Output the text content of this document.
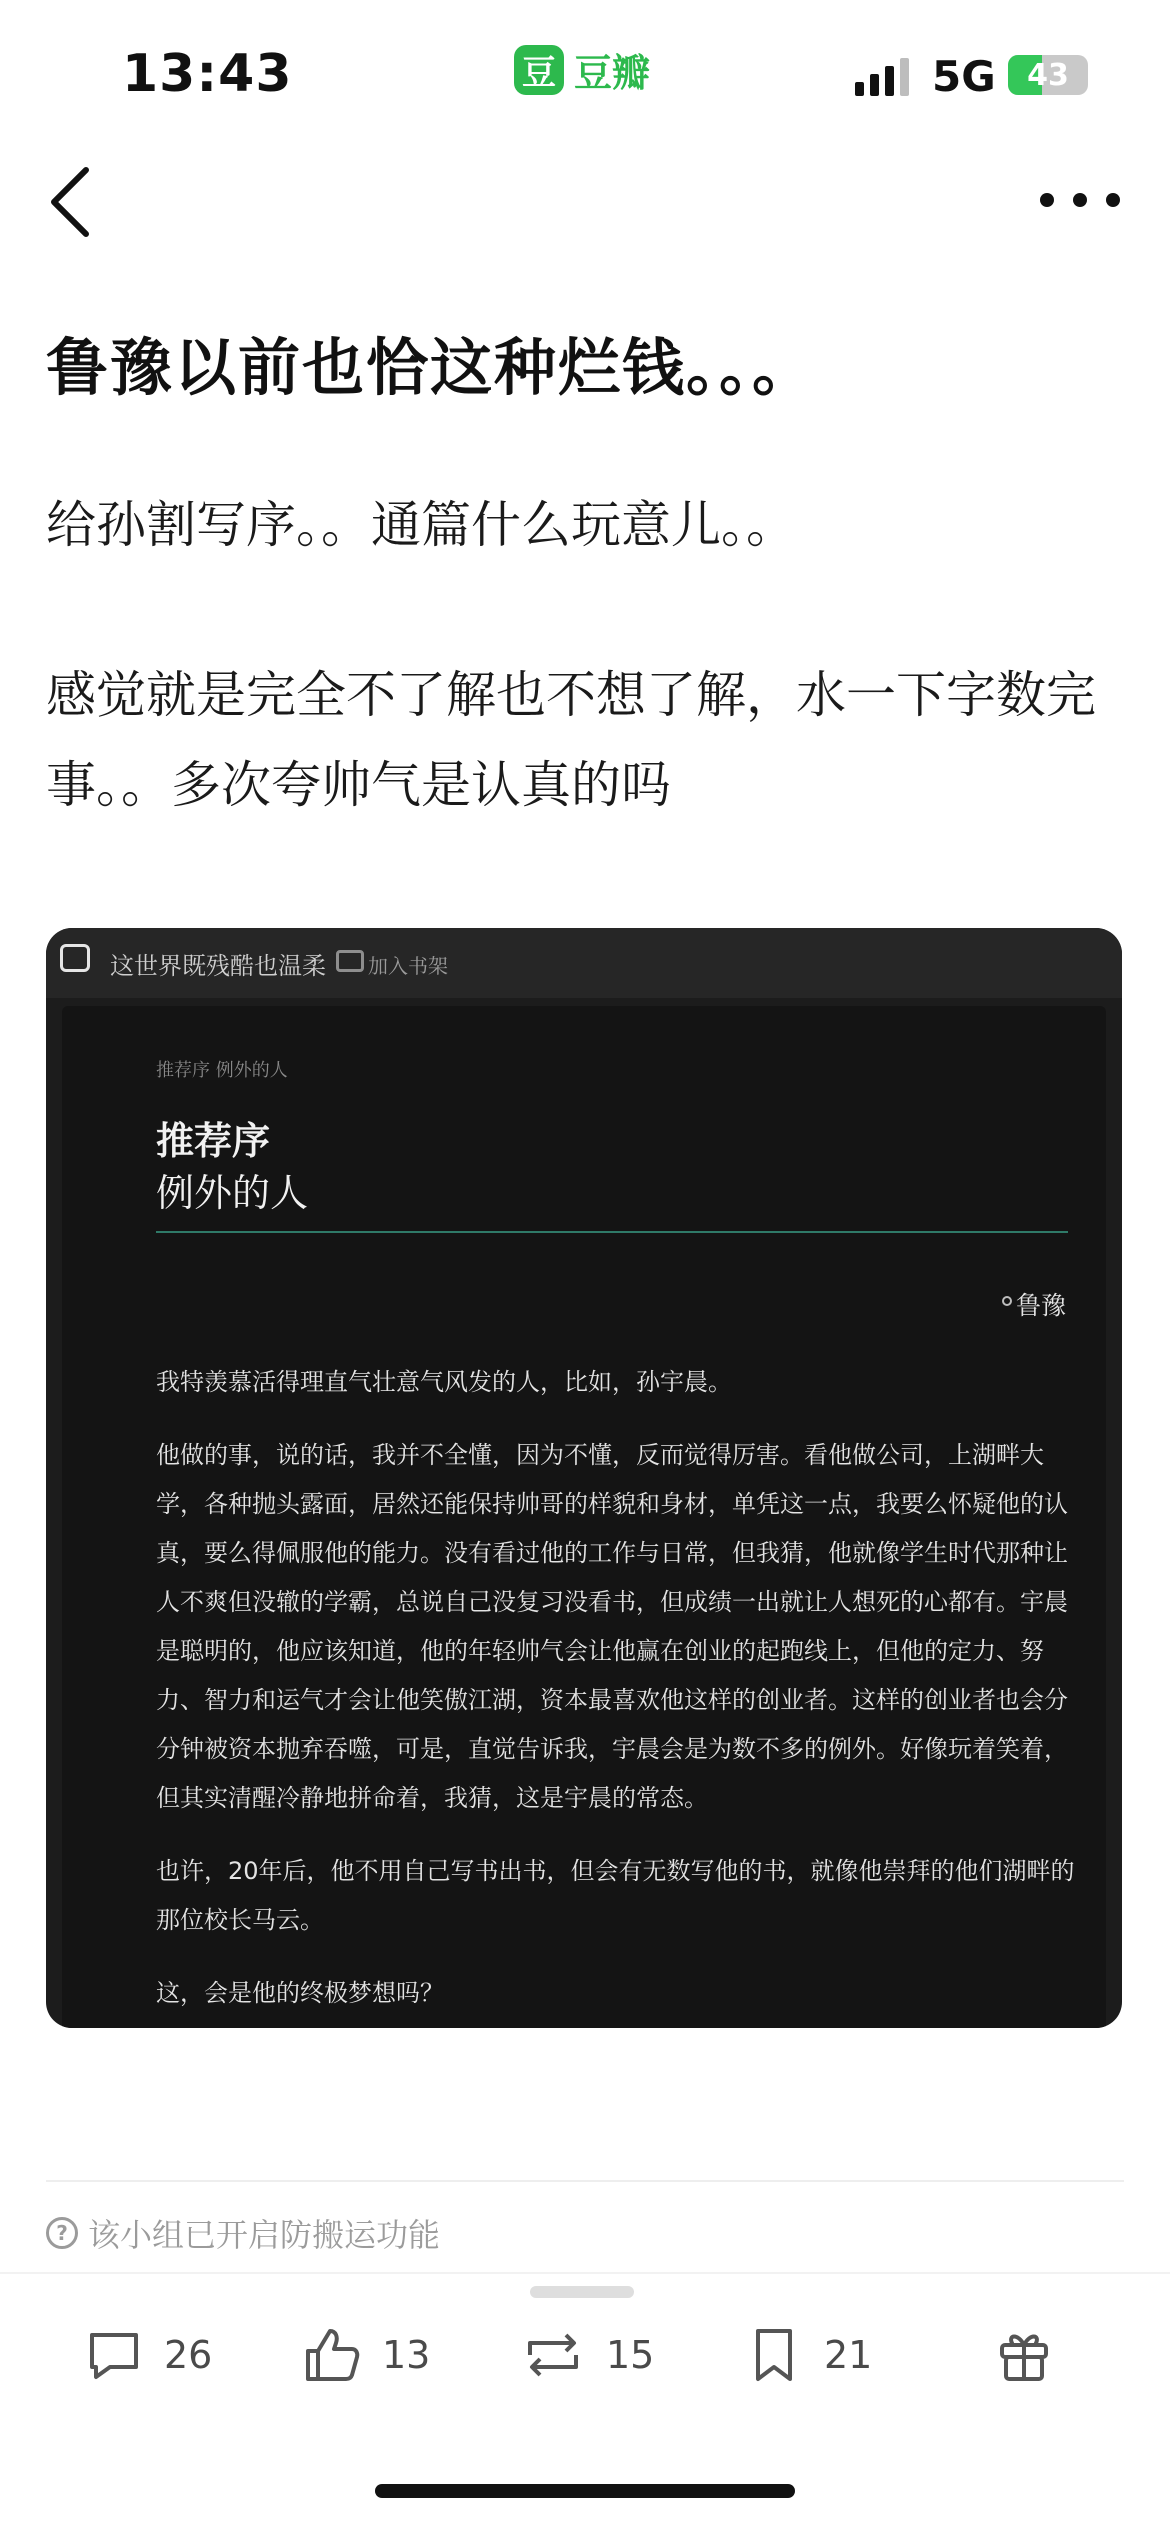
13:43	豆 豆瓣	5G	43
鲁豫以前也恰这种烂钱。。。

给孙割写序。。通篇什么玩意儿。。

感觉就是完全不了解也不想了解，水一下字数完事。。多次夸帅气是认真的吗

这世界既残酷也温柔 加入书架
推荐序 例外的人
推荐序
例外的人
鲁豫

我特羡慕活得理直气壮意气风发的人，比如，孙宇晨。

他做的事，说的话，我并不全懂，因为不懂，反而觉得厉害。看他做公司，上湖畔大学，各种抛头露面，居然还能保持帅哥的样貌和身材，单凭这一点，我要么怀疑他的认真，要么得佩服他的能力。没有看过他的工作与日常，但我猜，他就像学生时代那种让人不爽但没辙的学霸，总说自己没复习没看书，但成绩一出就让人想死的心都有。宇晨是聪明的，他应该知道，他的年轻帅气会让他赢在创业的起跑线上，但他的定力、努力、智力和运气才会让他笑傲江湖，资本最喜欢他这样的创业者。这样的创业者也会分分钟被资本抛弃吞噬，可是，直觉告诉我，宇晨会是为数不多的例外。好像玩着笑着，但其实清醒冷静地拼命着，我猜，这是宇晨的常态。

也许，20年后，他不用自己写书出书，但会有无数写他的书，就像他崇拜的他们湖畔的那位校长马云。

这，会是他的终极梦想吗？

? 该小组已开启防搬运功能
26	13	15	21
